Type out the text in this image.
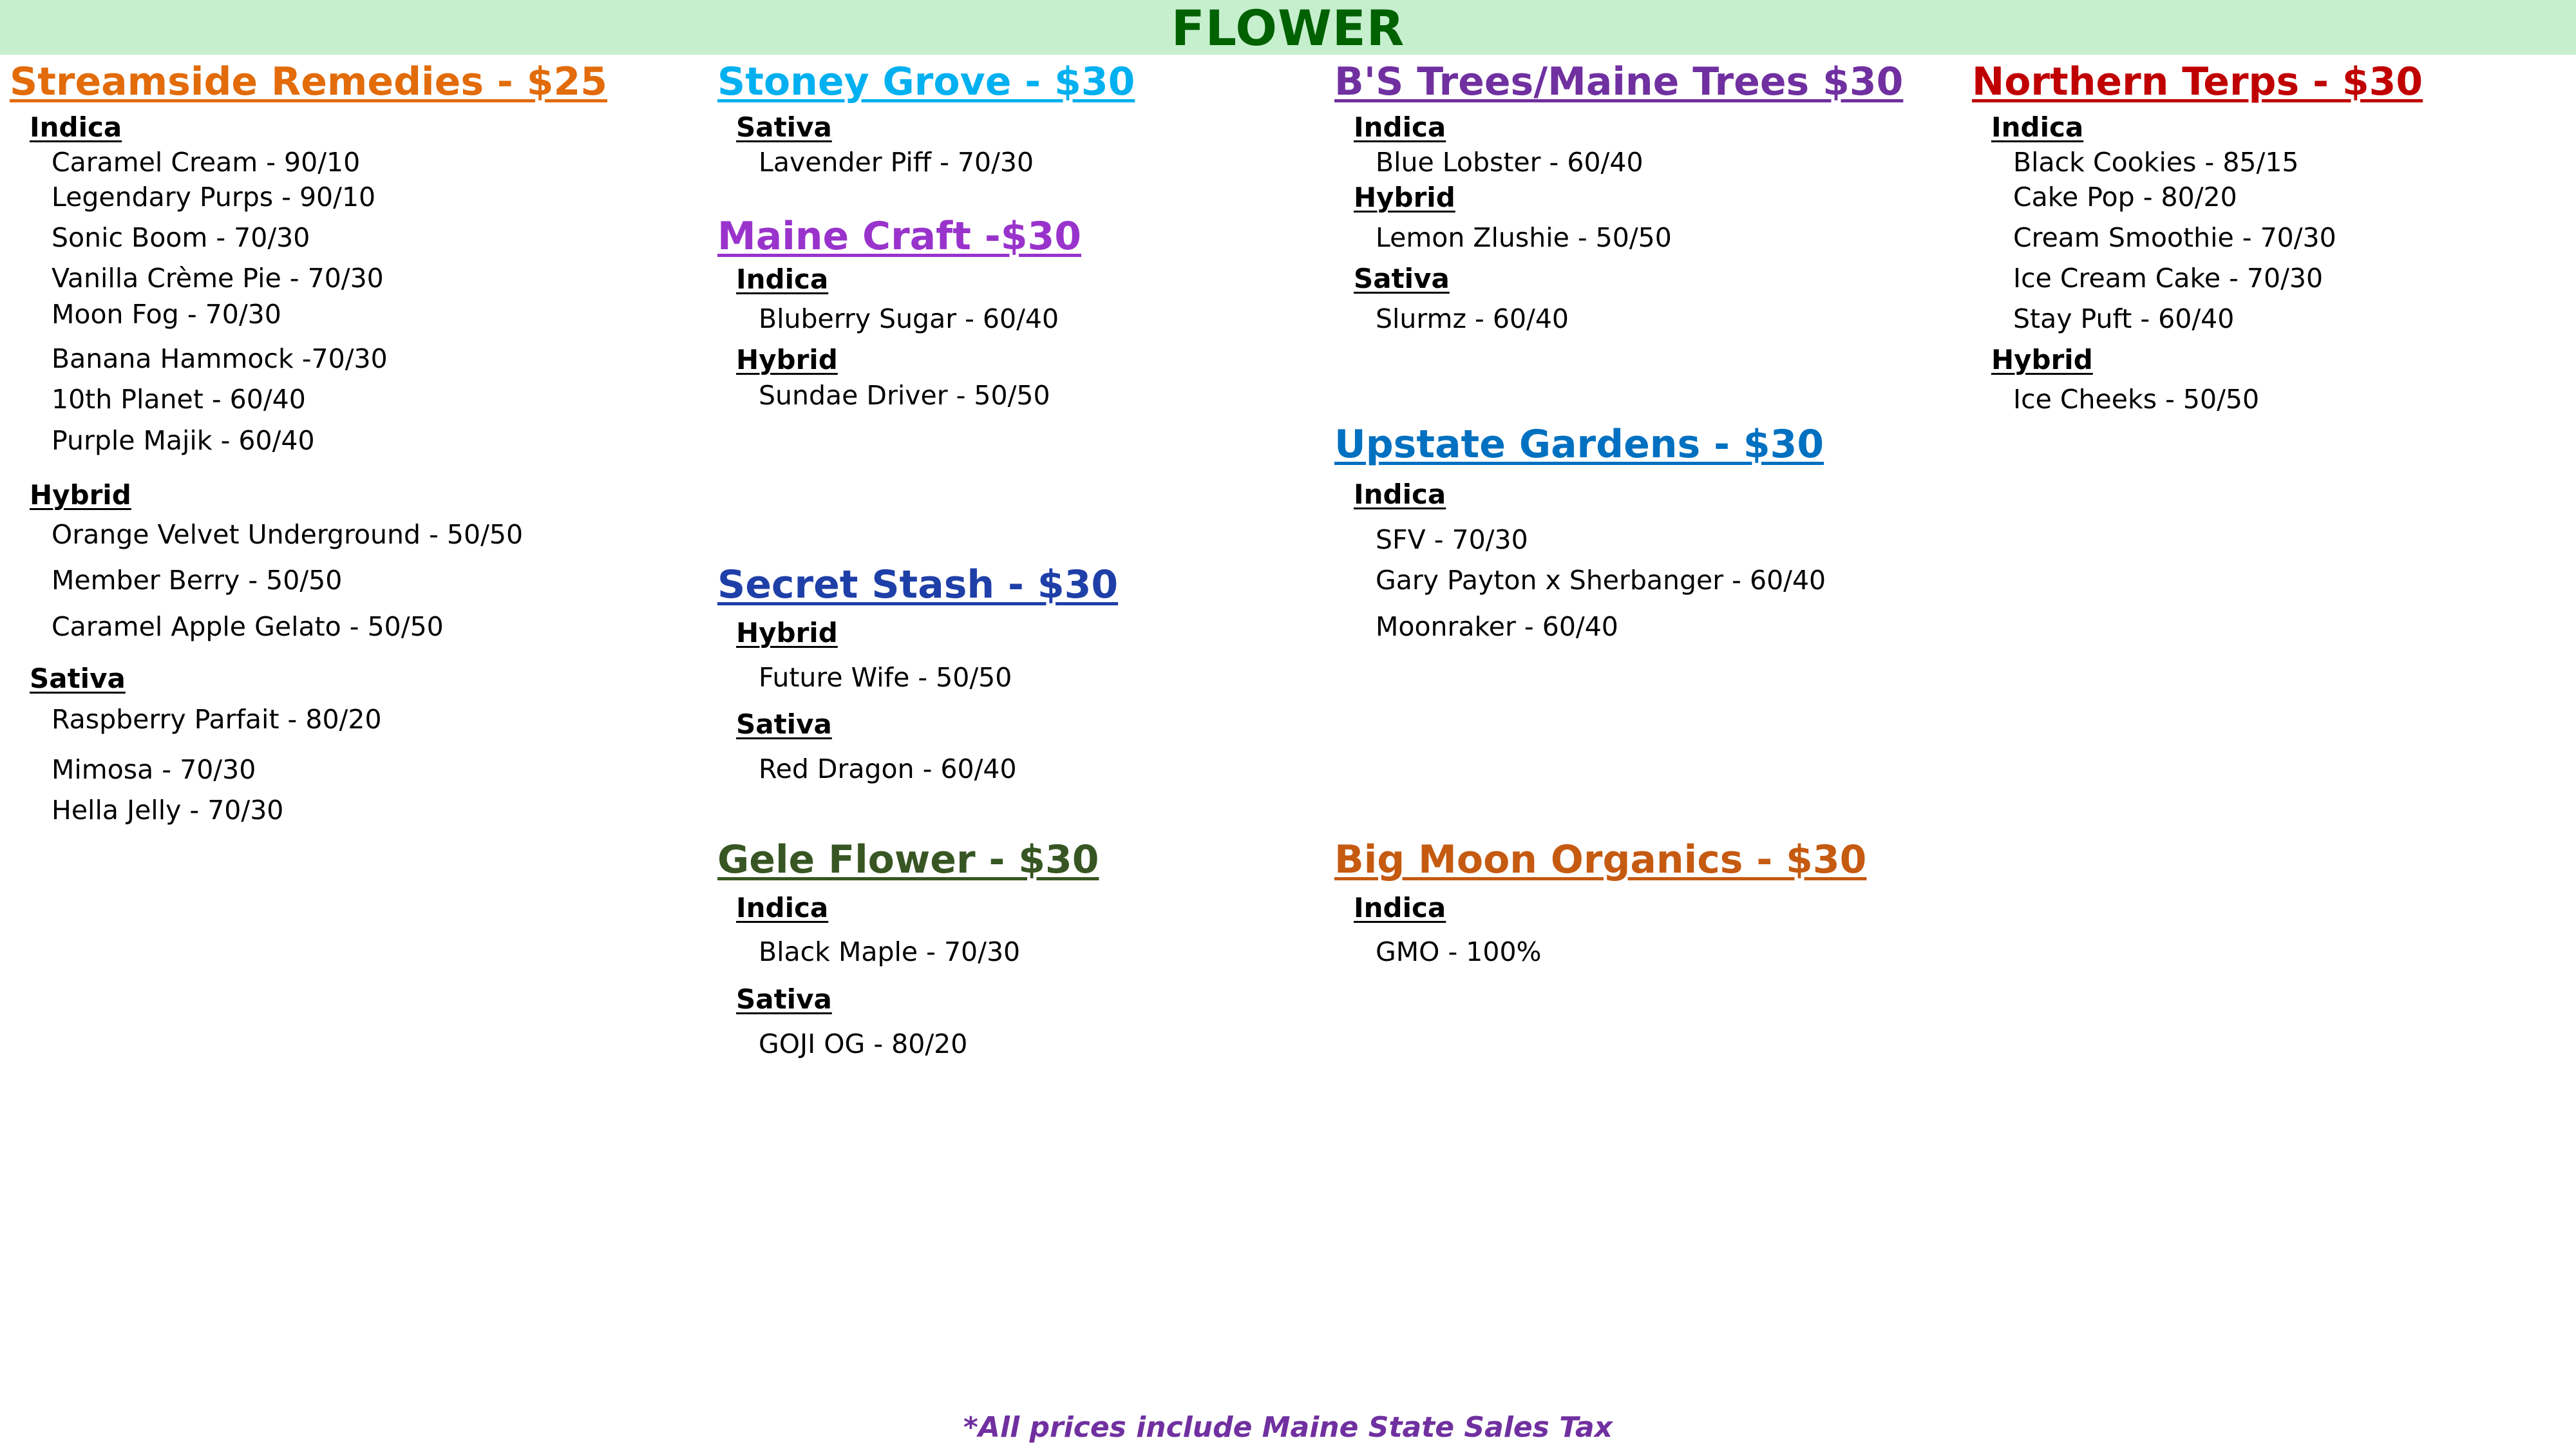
FLOWER
Streamside Remedies - $25
Indica
Caramel Cream - 90/10
Legendary Purps - 90/10
Sonic Boom - 70/30
Vanilla Crème Pie - 70/30
Moon Fog - 70/30
Banana Hammock -70/30
10th Planet - 60/40
Purple Majik - 60/40
Hybrid
Orange Velvet Underground - 50/50
Member Berry - 50/50
Caramel Apple Gelato - 50/50
Sativa
Raspberry Parfait - 80/20
Mimosa - 70/30
Hella Jelly - 70/30
Stoney Grove - $30
Sativa
Lavender Piff - 70/30
Maine Craft -$30
Indica
Bluberry Sugar - 60/40
Hybrid
Sundae Driver - 50/50
Secret Stash - $30
Hybrid
Future Wife - 50/50
Sativa
Red Dragon - 60/40
Gele Flower - $30
Indica
Black Maple - 70/30
Sativa
GOJI OG - 80/20
B'S Trees/Maine Trees $30
Indica
Blue Lobster - 60/40
Hybrid
Lemon Zlushie - 50/50
Sativa
Slurmz - 60/40
Upstate Gardens - $30
Indica
SFV - 70/30
Gary Payton x Sherbanger - 60/40
Moonraker - 60/40
Big Moon Organics - $30
Indica
GMO - 100%
Northern Terps - $30
Indica
Black Cookies - 85/15
Cake Pop - 80/20
Cream Smoothie - 70/30
Ice Cream Cake - 70/30
Stay Puft - 60/40
Hybrid
Ice Cheeks - 50/50
*All prices include Maine State Sales Tax
